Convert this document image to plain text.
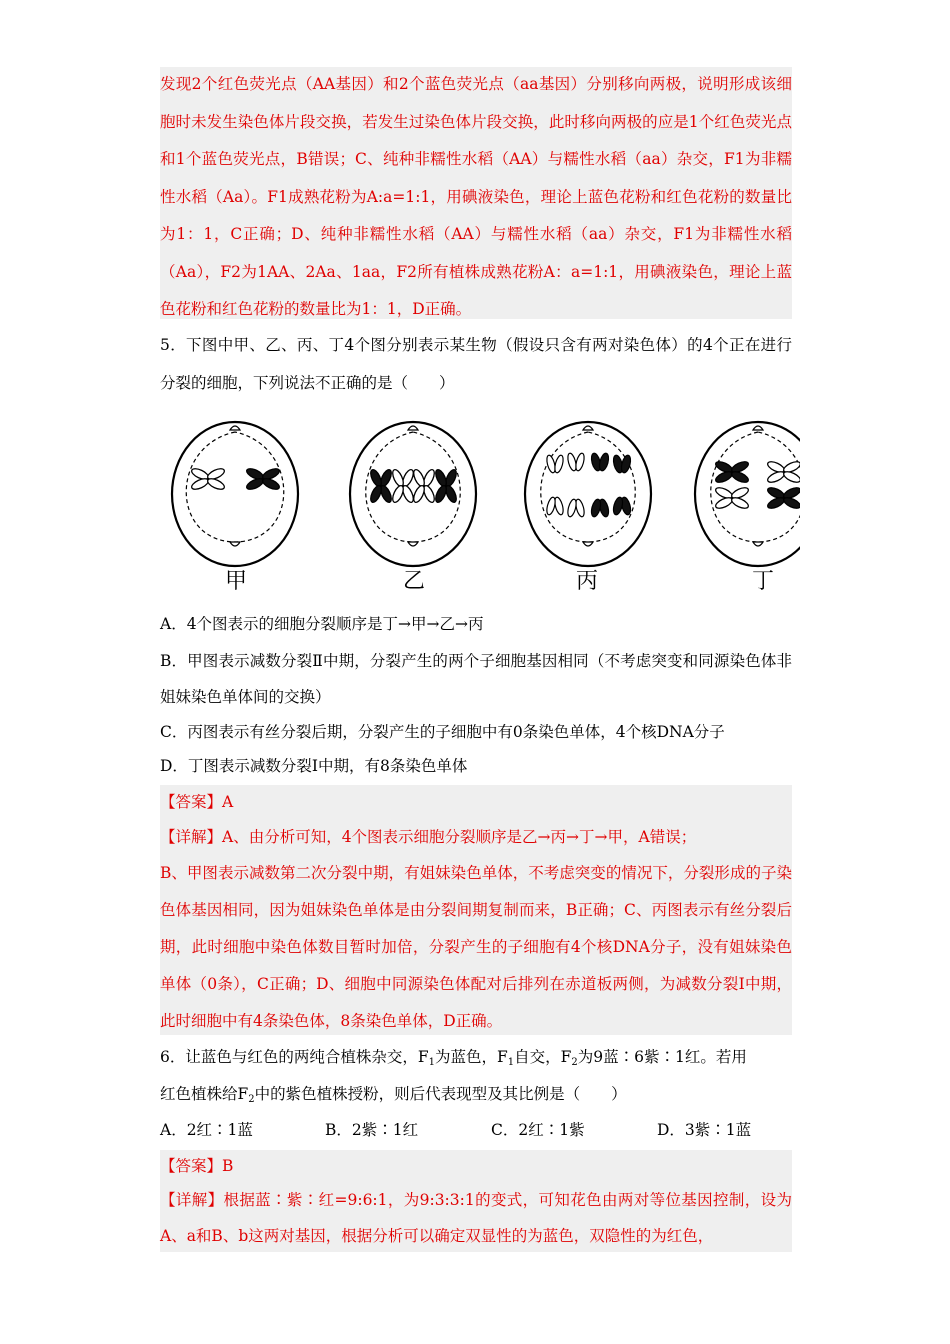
发现2个红色荧光点（AA基因）和2个蓝色荧光点（aa基因）分别移向两极，说明形成该细胞时未发生染色体片段交换，若发生过染色体片段交换，此时移向两极的应是1个红色荧光点和1个蓝色荧光点，B错误；C、纯种非糯性水稻（AA）与糯性水稻（aa）杂交，F1为非糯性水稻（Aa）。F1成熟花粉为A:a=1:1，用碘液染色，理论上蓝色花粉和红色花粉的数量比为1：1，C正确；D、纯种非糯性水稻（AA）与糯性水稻（aa）杂交，F1为非糯性水稻（Aa），F2为1AA、2Aa、1aa，F2所有植株成熟花粉A：a=1:1，用碘液染色，理论上蓝色花粉和红色花粉的数量比为1：1，D正确。

5．下图中甲、乙、丙、丁4个图分别表示某生物（假设只含有两对染色体）的4个正在进行分裂的细胞，下列说法不正确的是（　　）

甲	乙	丙	丁

A．4个图表示的细胞分裂顺序是丁→甲→乙→丙

B．甲图表示减数分裂Ⅱ中期，分裂产生的两个子细胞基因相同（不考虑突变和同源染色体非姐妹染色单体间的交换）

C．丙图表示有丝分裂后期，分裂产生的子细胞中有0条染色单体，4个核DNA分子

D．丁图表示减数分裂Ⅰ中期，有8条染色单体

【答案】A

【详解】A、由分析可知，4个图表示细胞分裂顺序是乙→丙→丁→甲，A错误；

B、甲图表示减数第二次分裂中期，有姐妹染色单体，不考虑突变的情况下，分裂形成的子染色体基因相同，因为姐妹染色单体是由分裂间期复制而来，B正确；C、丙图表示有丝分裂后期，此时细胞中染色体数目暂时加倍，分裂产生的子细胞有4个核DNA分子，没有姐妹染色单体（0条），C正确；D、细胞中同源染色体配对后排列在赤道板两侧，为减数分裂Ⅰ中期，此时细胞中有4条染色体，8条染色单体，D正确。

6．让蓝色与红色的两纯合植株杂交，$F_1$为蓝色，$F_1$自交，$F_2$为9蓝∶6紫∶1红。若用

红色植株给$F_2$中的紫色植株授粉，则后代表现型及其比例是（　　）

A．2红∶1蓝	B．2紫∶1红	C．2红∶1紫	D．3紫∶1蓝

【答案】B

【详解】根据蓝∶紫∶红=9:6:1，为9:3:3:1的变式，可知花色由两对等位基因控制，设为A、a和B、b这两对基因，根据分析可以确定双显性的为蓝色，双隐性的为红色，
